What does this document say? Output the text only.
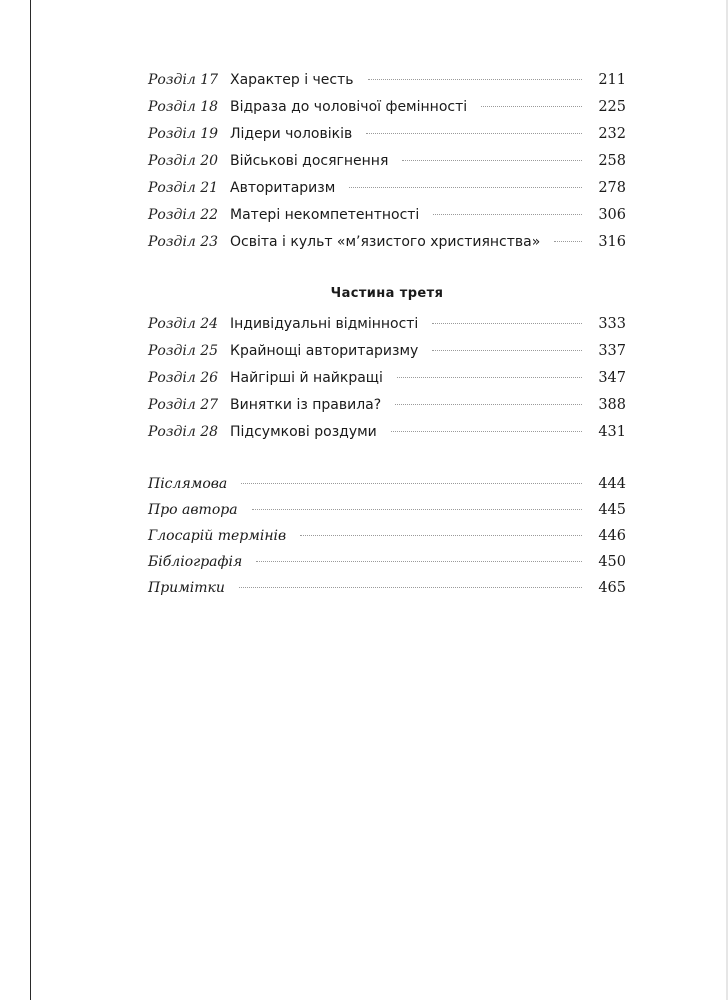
Розділ 17 Характер і честь	211
Розділ 18 Відраза до чоловічої фемінності	225
Розділ 19 Лідери чоловіків	232
Розділ 20 Військові досягнення	258
Розділ 21 Авторитаризм	278
Розділ 22 Матері некомпетентності	306
Розділ 23 Освіта і культ «м’язистого християнства»	316
Частина третя
Розділ 24 Індивідуальні відмінності	333
Розділ 25 Крайнощі авторитаризму	337
Розділ 26 Найгірші й найкращі	347
Розділ 27 Винятки із правила?	388
Розділ 28 Підсумкові роздуми	431
Післямова	444
Про автора	445
Глосарій термінів	446
Бібліографія	450
Примітки	465
